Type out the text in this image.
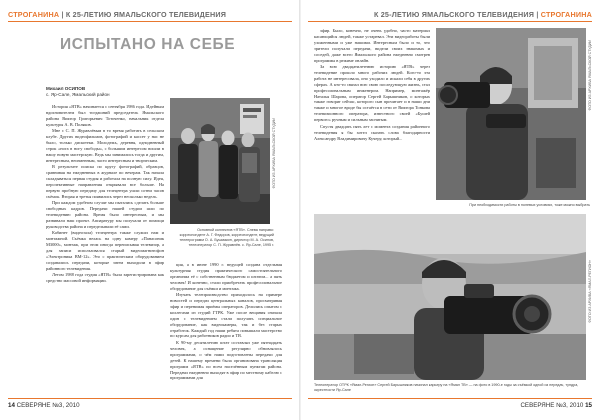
СТРОГАНИНА | К 25-ЛЕТИЮ ЯМАЛЬСКОГО ТЕЛЕВИДЕНИЯ
ИСПЫТАНО НА СЕБЕ
Михаил ОСИПОВ
с. Яр-Сале, Ямальский район

История «ЯТВ» начинается с сентября 1986 года. Идейным вдохновителем был тогдашний председатель Ямальского района Виктор Григорьевич Тоточенко, начальник отдела культуры А. В. Поляков.

Мне с С. П. Журавлёвым в то время работать в сельском клубе. Других видеофильмов, фотографий и кассет у нас не было, только дискотеки. Молодежь, деревня, однодневный строк «нога в ногу свободы», с большим интересом вошли в нашу новую мастерскую. Ведь мы занимались тогда и другим, интересным, неизменным, часто интересным и творческим.

В результате поиска по кругу фотографий, образцов, сравнивая на ежедневных в журнале по вечерам. Так начала складываться первая студия и работала на полную силу. Идея, перспективные направления открывали все больше. На первую пробную передачу для телецентра ушли сотни часов съёмок. Вторая и третья появились через несколько недель.

При каждом удобном случае мы пытались сделать больше свободных кадров. Передачи нашей студии шли по телевидению района. Время было интересным, и мы развивали наш проект. Аппаратуру мы получали от помощи руководства района и переделывали её сами.

Кабинет (видеозала) телецентра также служил нам и монтажной. Съёмка велась на одну камеру «Панасоник М3000», монтаж, при этом иногда переписывая телевизор, а для записи использовался старый видеомагнитофон «Электроника ВМ-12». Это с практическим оборудованием создавались передачи, которые затем выходили в эфир районного телевидения.

Летом 1988 года студия «ЯТВ» была зарегистрирована как средство массовой информации.

ФОТО ИЗ АРХИВА ЯМАЛЬСКОЙ СТУДИИ
Основной коллектив «ЯТВ». Слева направо: корреспондент А. Г. Федоров, корреспондент, ведущий телепрограмм О. А. Бушмакин, директор М. А. Осипов, телеоператор С. П. Журавлёв. с. Яр-Сале, 1995 г.

ция, а в июне 1990 г. ведущей создана отдельная культурная студия практического самостоятельного организма её с собственным бюджетом и штатом... а пять человек! И конечно, стали приобретать профессиональное оборудование для съёмки и монтажа.

Изучать телепроизводство приходилось на примере новостей и передач центральных каналов, просматривая эфир и перенимая приёмы операторов. Делились опытом с коллегами из студий ГТРК. Уже после вещания сначала один с телевидением стали получать специальное оборудование, как видеокамеры, так и без старых отработок. Каждый год наши ребята повышали мастерство по курсам для работников радио и ТВ.

К 90-му десятилетию штат составлял уже пятнадцать человек, а оснащение регулярно обновлялось программами, о чём нами подготовлены передачи для детей. К нашему времени была организована трансляция программ «ЯТВ» по всем населённым пунктам района. Передачи ежедневно выходят в эфир по местному кабелю с программами для

14 СЕВЕРЯНЕ №3, 2010
К 25-ЛЕТИЮ ЯМАЛЬСКОГО ТЕЛЕВИДЕНИЯ | СТРОГАНИНА

эфир. Было, конечно, не очень удобно, часто материал касающийся людей, также устаревал. Эти видеоработы были ухоженными и уже нашими. Интересным было и то, что зрители получали передачи, видели своих знакомых и соседей, даже всего Ямальского района ежедневно смотрев программы в режиме онлайн.

За всю двадцатилетнюю историю «ЯТВ» через телевидение прошло много рабочих людей. Кого-то эта работа не интересовала, оно уходило и искали себя в других сферах. А кто-то связал всю свою последующую жизнь, стал профессиональным инженером. Например, монтажёр Наталья Шарова, оператор Сергей Барышников, о которых также говорят сейчас, которого сын прочитает и в наши дни также и многое вроде бы остаётся в сети от Виктора Тонкова телевизионного оператора, известного своей «Бушей первого» ручным и сильным заснятым.

Спустя двадцать пять лет с момента создания районного телевидения я бы хотел сказать слова благодарности Александру Владимировичу Кучеру, который...

ФОТО ИЗ АРХИВА ЯМАЛЬСКОЙ СТУДИИ
При необходимости работы в полевых условиях, тоже можно выбрать
ФОТО ИЗ АРХИВА «ЯМАЛ-РЕГИОН»
Телеоператор ОТРК «Ямал-Регион» Сергей Барышников начинал карьеру на «Ямал ТВ» — на фото в 1990-е годы за съёмкой одной из передач, тундра, окрестности Яр-Сале
СЕВЕРЯНЕ №3, 2010 15
